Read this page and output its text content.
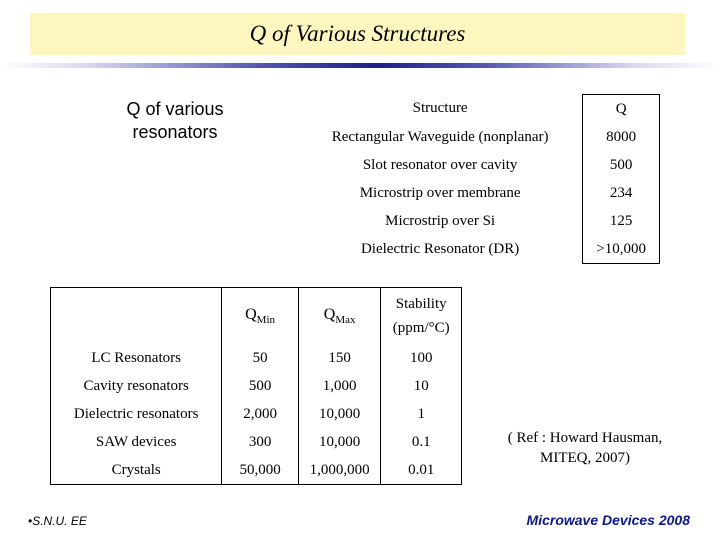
Q of Various Structures
Q of various
resonators
Structure	Q
Rectangular Waveguide (nonplanar)	8000
Slot resonator over cavity	500
Microstrip over membrane	234
Microstrip over Si	125
Dielectric Resonator (DR)	>10,000
	$Q_{Min}$	$Q_{Max}$	Stability
(ppm/°C)

LC Resonators	50	150	100
Cavity resonators	500	1,000	10
Dielectric resonators	2,000	10,000	1
SAW devices	300	10,000	0.1
Crystals	50,000	1,000,000	0.01
( Ref : Howard Hausman,
MITEQ, 2007)
•S.N.U. EE	Microwave Devices 2008
